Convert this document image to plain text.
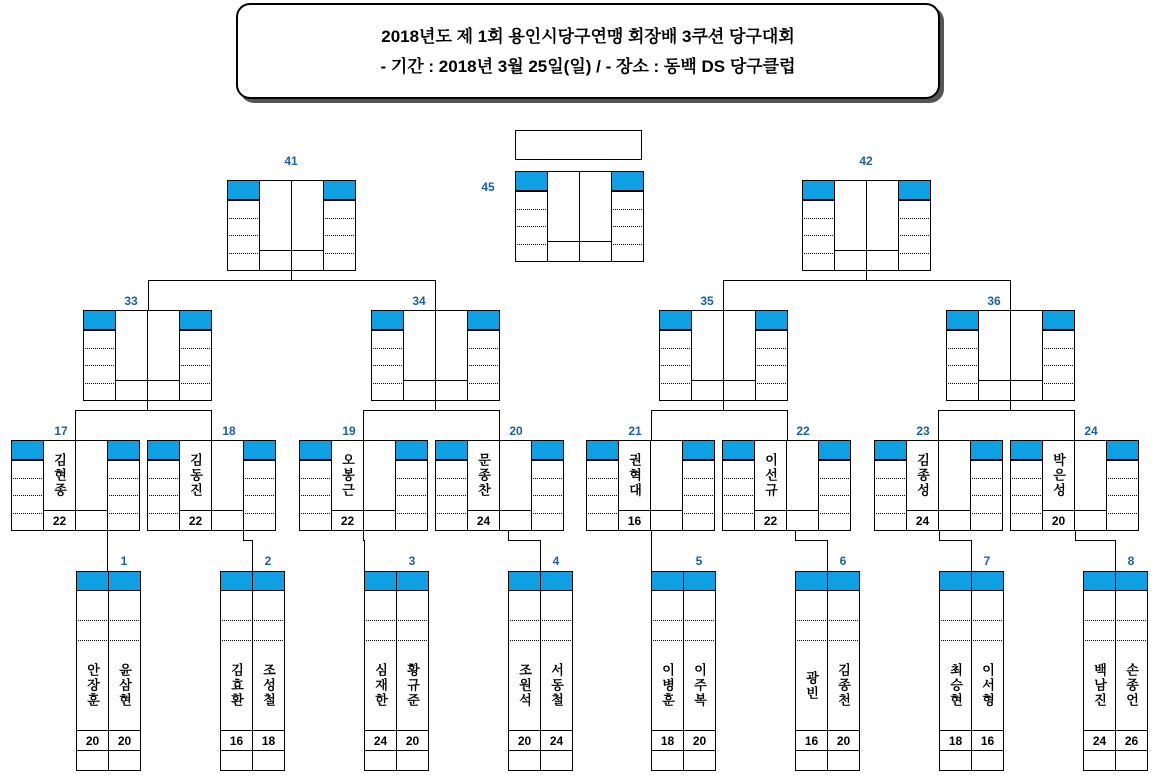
2018년도 제 1회 용인시당구연맹 회장배 3쿠션 당구대회
- 기간 : 2018년 3월 25일(일) / - 장소 : 동백 DS 당구클럽
45
41	42
33	34	35	36
17
김현종
22
18
김동진
22
19
오봉근
22
20
문종찬
24
21
권혁대
16
22
이선규
22
23
김종성
24
24
박은성
20
1
안장훈
20
윤삼현
20
2
김효환
16
조성철
18
3
심재한
24
황규준
20
4
조원석
20
서동철
24
5
이병훈
18
이주복
20
6
광빈
16
김종천
20
7
최승현
18
이서형
16
8
백남진
24
손종언
26
